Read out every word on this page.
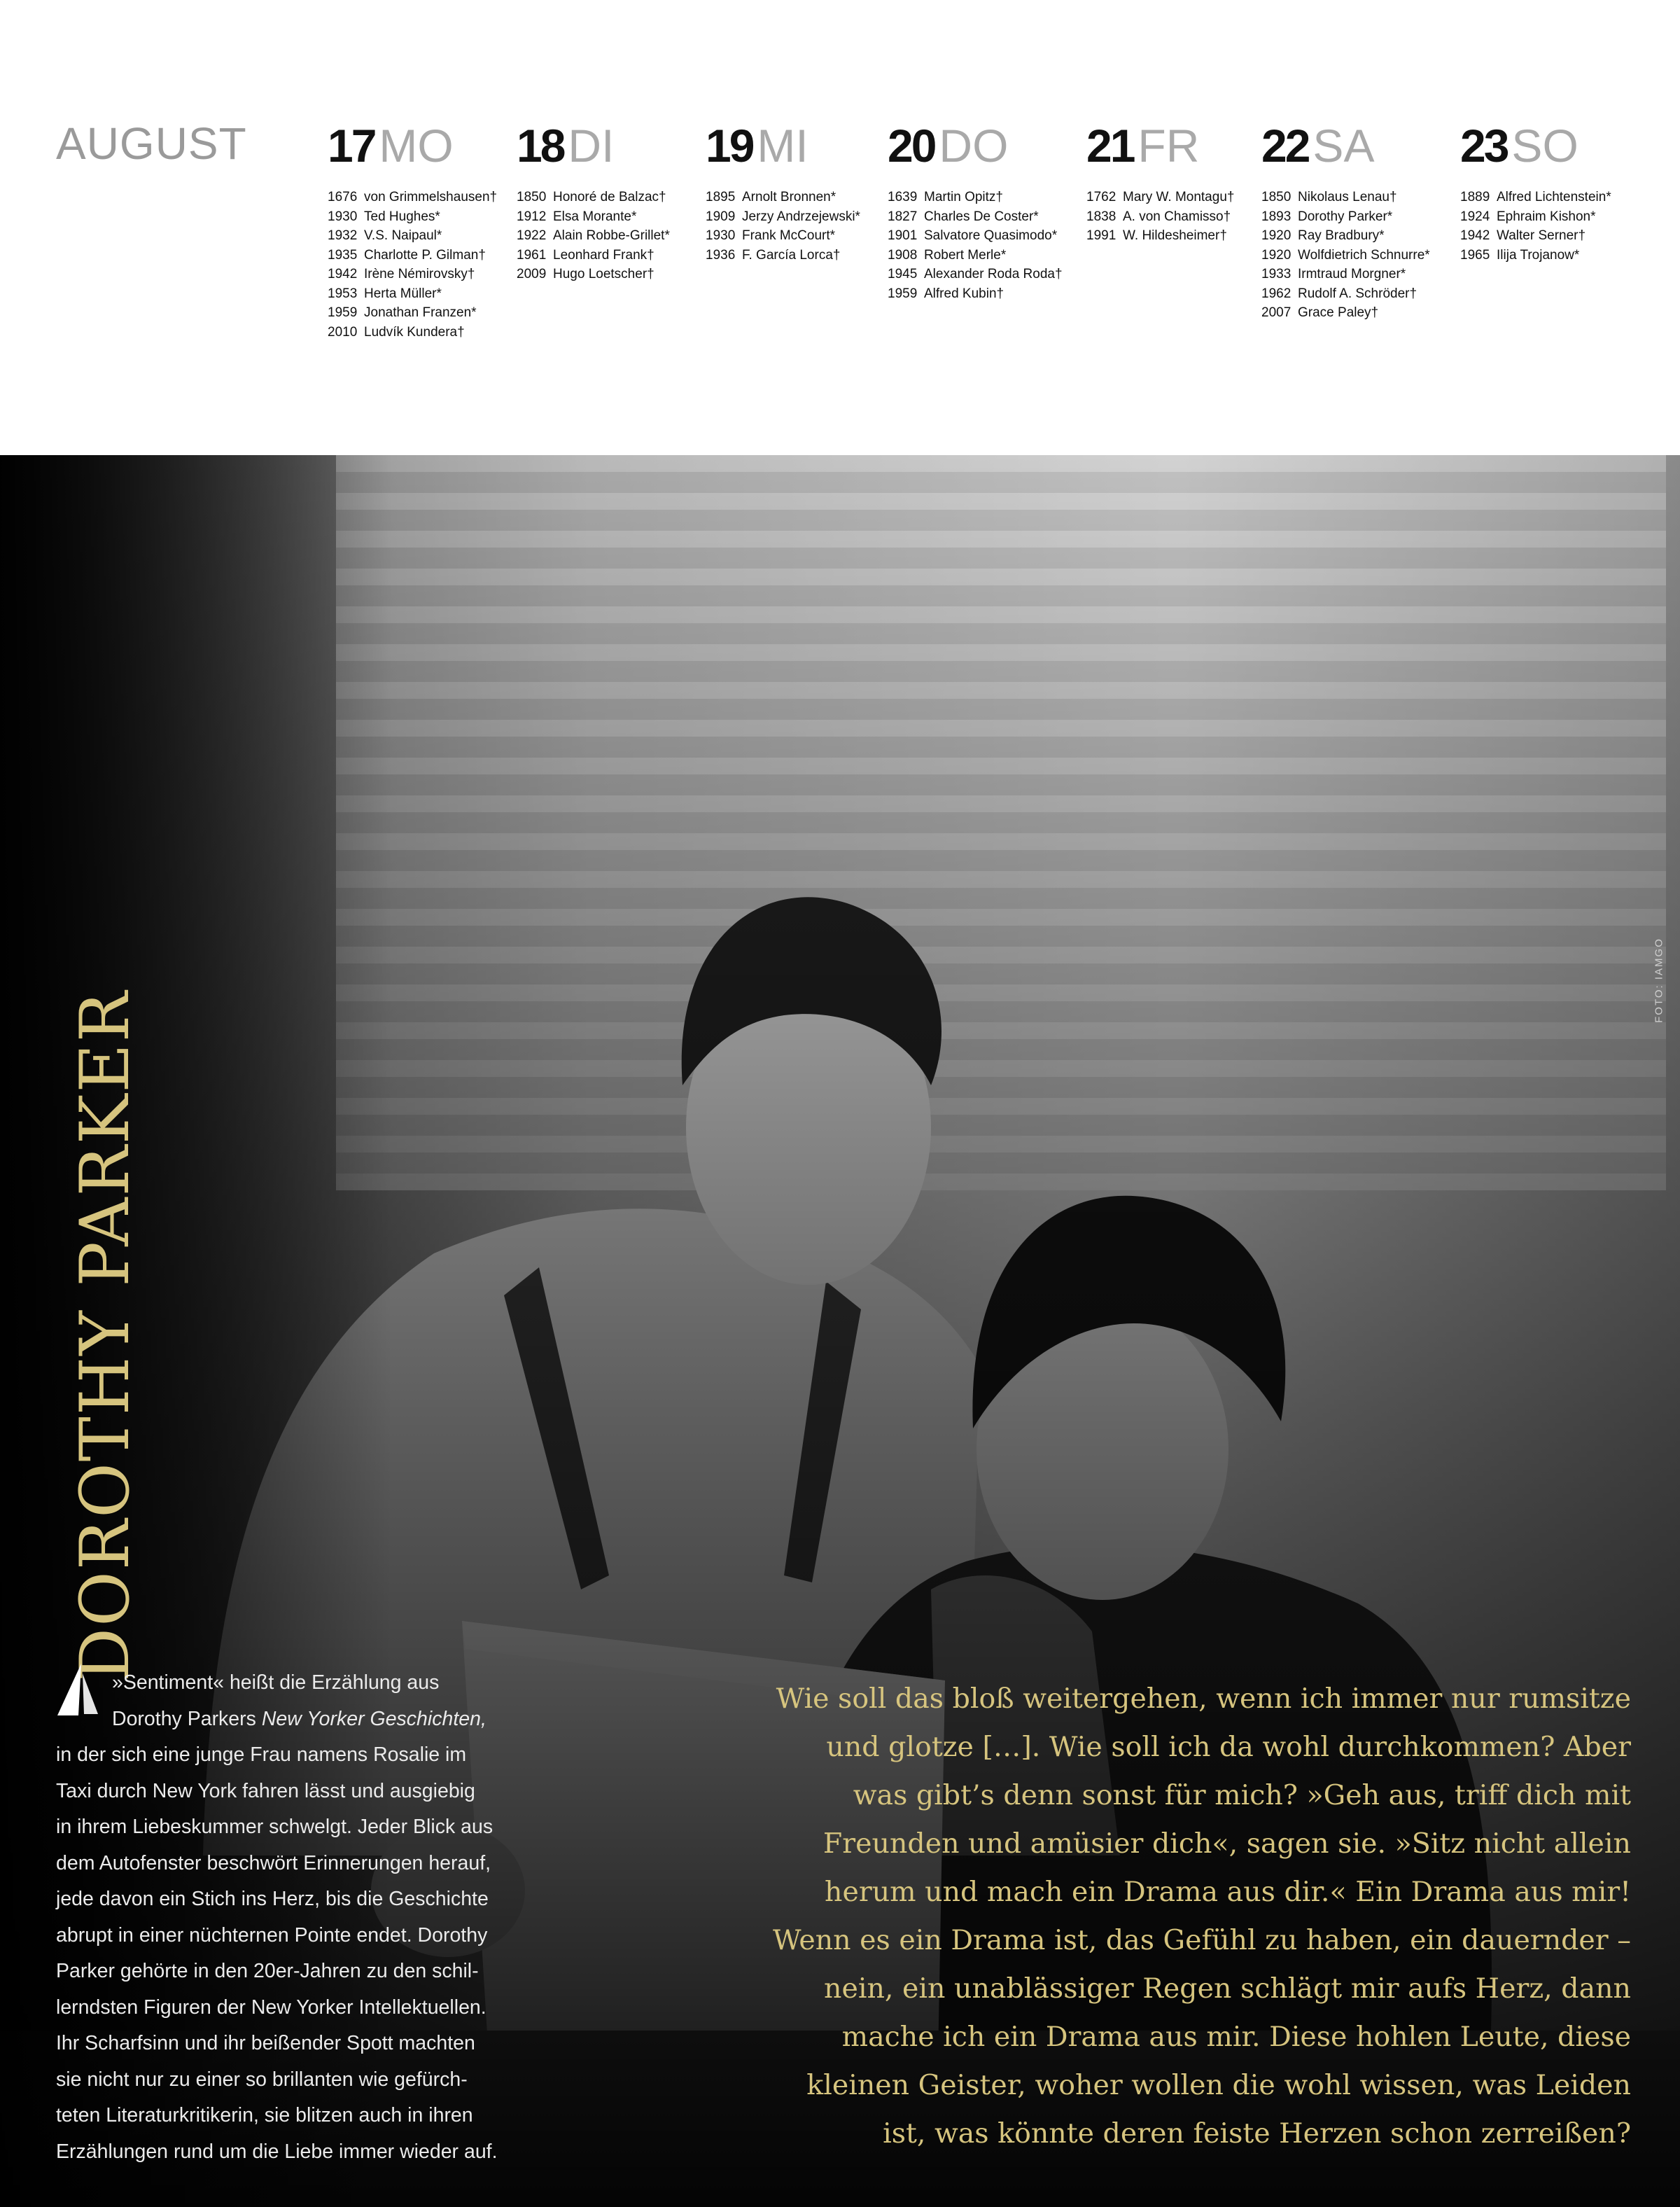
AUGUST 17MO
1676 von Grimmelshausen†
1930 Ted Hughes*
1932 V.S. Naipaul*
1935 Charlotte P. Gilman†
1942 Irène Némirovsky†
1953 Herta Müller*
1959 Jonathan Franzen*
2010 Ludvík Kundera†
18DI
1850 Honoré de Balzac†
1912 Elsa Morante*
1922 Alain Robbe-Grillet*
1961 Leonhard Frank†
2009 Hugo Loetscher†
19MI
1895 Arnolt Bronnen*
1909 Jerzy Andrzejewski*
1930 Frank McCourt*
1936 F. García Lorca†
20DO
1639 Martin Opitz†
1827 Charles De Coster*
1901 Salvatore Quasimodo*
1908 Robert Merle*
1945 Alexander Roda Roda†
1959 Alfred Kubin†
21FR
1762 Mary W. Montagu†
1838 A. von Chamisso†
1991 W. Hildesheimer†
22SA
1850 Nikolaus Lenau†
1893 Dorothy Parker*
1920 Ray Bradbury*
1920 Wolfdietrich Schnurre*
1933 Irmtraud Morgner*
1962 Rudolf A. Schröder†
2007 Grace Paley†
23SO
1889 Alfred Lichtenstein*
1924 Ephraim Kishon*
1942 Walter Serner†
1965 Ilija Trojanow*
DOROTHY PARKER
FOTO: IAMGO
»Sentiment« heißt die Erzählung aus
Dorothy Parkers New Yorker Geschichten,
in der sich eine junge Frau namens Rosalie im
Taxi durch New York fahren lässt und ausgiebig
in ihrem Liebeskummer schwelgt. Jeder Blick aus
dem Autofenster beschwört Erinnerungen herauf,
jede davon ein Stich ins Herz, bis die Geschichte
abrupt in einer nüchternen Pointe endet. Dorothy
Parker gehörte in den 20er-Jahren zu den schil-
lerndsten Figuren der New Yorker Intellektuellen.
Ihr Scharfsinn und ihr beißender Spott machten
sie nicht nur zu einer so brillanten wie gefürch-
teten Literaturkritikerin, sie blitzen auch in ihren
Erzählungen rund um die Liebe immer wieder auf.
Wie soll das bloß weitergehen, wenn ich immer nur rumsitze
und glotze […]. Wie soll ich da wohl durchkommen? Aber
was gibt’s denn sonst für mich? »Geh aus, triff dich mit
Freunden und amüsier dich«, sagen sie. »Sitz nicht allein
herum und mach ein Drama aus dir.« Ein Drama aus mir!
Wenn es ein Drama ist, das Gefühl zu haben, ein dauernder –
nein, ein unablässiger Regen schlägt mir aufs Herz, dann
mache ich ein Drama aus mir. Diese hohlen Leute, diese
kleinen Geister, woher wollen die wohl wissen, was Leiden
ist, was könnte deren feiste Herzen schon zerreißen?
